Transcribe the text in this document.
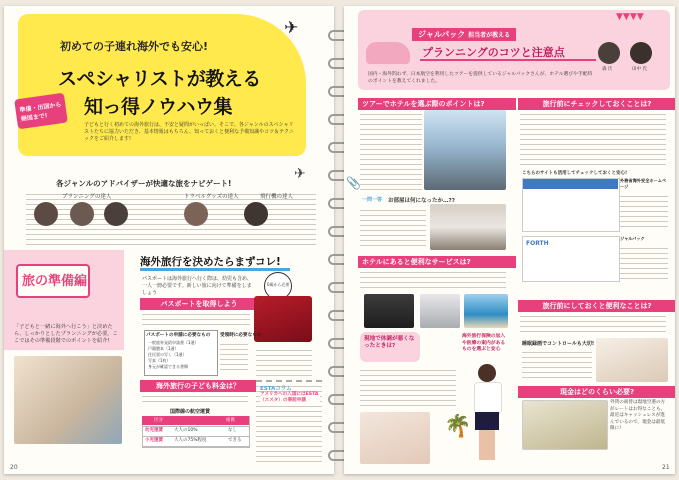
初めての子連れ海外でも安心!
スペシャリストが教える
知っ得ノウハウ集
✈
✈
準備・出国から
帰国まで!
子どもと行く初めての海外旅行は、不安と疑問がいっぱい。そこで、各ジャンルのスペシャリストたちに協力いただき、基本情報はもちろん、知っておくと便利な予備知識やコツ＆テクニックをご紹介します!
各ジャンルのアドバイザーが快適な旅をナビゲート!
プランニングの達人	トラベルグッズの達人	飛行機の達人
旅の準備編
「子どもと一緒に海外へ行こう」と決めたら、しっかりとしたプランニングが必要。ここではその準備段階でのポイントを紹介!
海外旅行を決めたらまずコレ!
パスポートは海外旅行へ行く際は、幼児も含め、一人一冊必要です。新しい旅に向けて準備をしましょう
0歳から必要
パスポートを取得しよう
パスポートの申請に必要なもの
一般旅券発給申請書（1通）
戸籍謄本（1通）
住民票の写し（1通）
写真（1枚）
身元が確認できる書類
受領時に必要なもの
海外旅行の子ども料金は？
国際線の航空運賃
区分	座席
幼児運賃 大人の10%	なし
小児運賃 大人の75%程度	できる
ESTAコラム
アメリカへの入国にはESTA（エスタ）の事前申請
20
ジャルパック 担当者が教える
プランニングのコツと注意点
森 氏	田中 氏
国内・海外問わず、日本航空を利用したツアーを提供しているジャルパックさんが、ホテル選びや手配時のポイントを教えてくれました。
▼▼▼▼
ツアーでホテルを選ぶ際のポイントは?
一問一答 お部屋は何になったか…??
ホテルにあると便利なサービスは?
現地で体調が悪くなったときは?
海外旅行保険の加入や医療の案内があるものを選ぶと安心
🌴
📎
旅行前にチェックしておくことは?
こちらのサイトも活用してチェックしておくと安心!
FORTH
外務省海外安全ホームページ
ジャルパック
旅行前にしておくと便利なことは?
睡眠録画でコントロールも大切!
現金はどのくらい必要?
外貨の両替は現地空港の方がレートはお得なことも。最近はキャッシュレスが進んでいるので、現金は最低限に!
21
